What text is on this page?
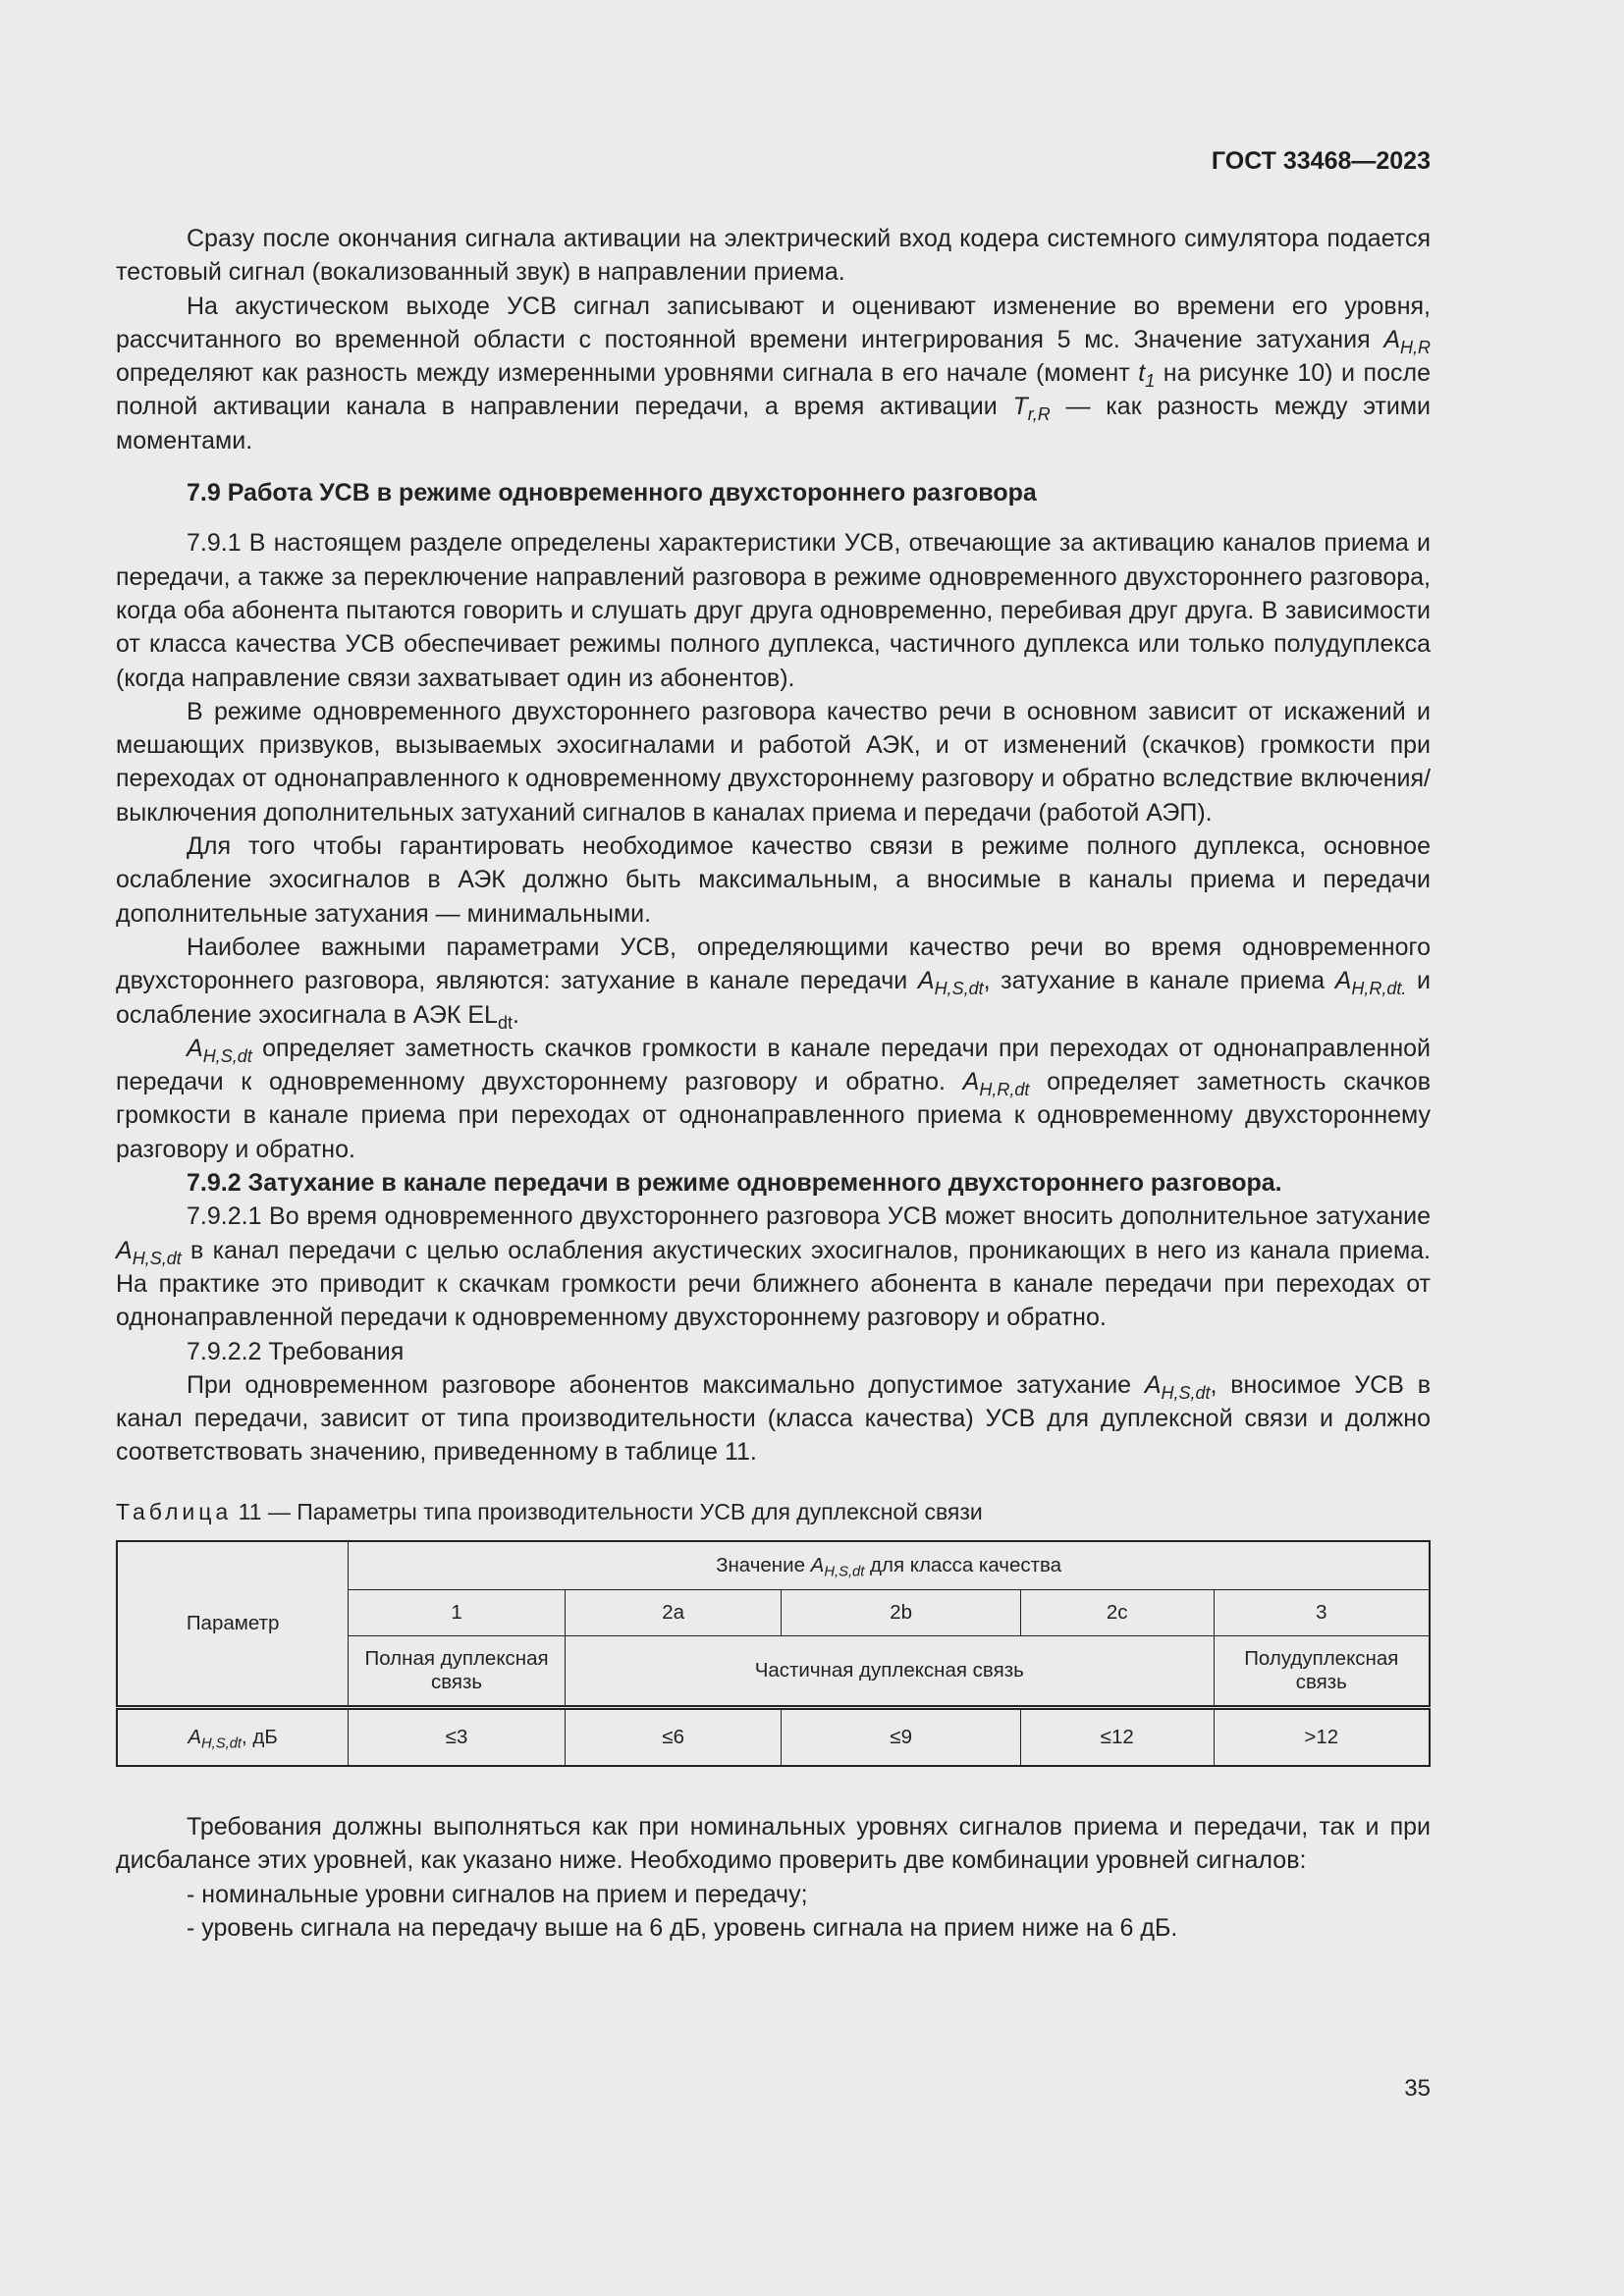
ГОСТ 33468—2023

Сразу после окончания сигнала активации на электрический вход кодера системного симулятора подается тестовый сигнал (вокализованный звук) в направлении приема.

На акустическом выходе УСВ сигнал записывают и оценивают изменение во времени его уровня, рассчитанного во временной области с постоянной времени интегрирования 5 мс. Значение затухания $A_{H,R}$ определяют как разность между измеренными уровнями сигнала в его начале (момент $t_1$ на рисунке 10) и после полной активации канала в направлении передачи, а время активации $T_{r,R}$ — как разность между этими моментами.

7.9 Работа УСВ в режиме одновременного двухстороннего разговора

7.9.1 В настоящем разделе определены характеристики УСВ, отвечающие за активацию каналов приема и передачи, а также за переключение направлений разговора в режиме одновременного двухстороннего разговора, когда оба абонента пытаются говорить и слушать друг друга одновременно, перебивая друг друга. В зависимости от класса качества УСВ обеспечивает режимы полного дуплекса, частичного дуплекса или только полудуплекса (когда направление связи захватывает один из абонентов).

В режиме одновременного двухстороннего разговора качество речи в основном зависит от искажений и мешающих призвуков, вызываемых эхосигналами и работой АЭК, и от изменений (скачков) громкости при переходах от однонаправленного к одновременному двухстороннему разговору и обратно вследствие включения/выключения дополнительных затуханий сигналов в каналах приема и передачи (работой АЭП).

Для того чтобы гарантировать необходимое качество связи в режиме полного дуплекса, основное ослабление эхосигналов в АЭК должно быть максимальным, а вносимые в каналы приема и передачи дополнительные затухания — минимальными.

Наиболее важными параметрами УСВ, определяющими качество речи во время одновременного двухстороннего разговора, являются: затухание в канале передачи $A_{H,S,dt}$, затухание в канале приема $A_{H,R,dt.}$ и ослабление эхосигнала в АЭК $EL_{dt}$.

$A_{H,S,dt}$ определяет заметность скачков громкости в канале передачи при переходах от однонаправленной передачи к одновременному двухстороннему разговору и обратно. $A_{H,R,dt}$ определяет заметность скачков громкости в канале приема при переходах от однонаправленного приема к одновременному двухстороннему разговору и обратно.

7.9.2 Затухание в канале передачи в режиме одновременного двухстороннего разговора.

7.9.2.1 Во время одновременного двухстороннего разговора УСВ может вносить дополнительное затухание $A_{H,S,dt}$ в канал передачи с целью ослабления акустических эхосигналов, проникающих в него из канала приема. На практике это приводит к скачкам громкости речи ближнего абонента в канале передачи при переходах от однонаправленной передачи к одновременному двухстороннему разговору и обратно.

7.9.2.2 Требования

При одновременном разговоре абонентов максимально допустимое затухание $A_{H,S,dt}$, вносимое УСВ в канал передачи, зависит от типа производительности (класса качества) УСВ для дуплексной связи и должно соответствовать значению, приведенному в таблице 11.

Таблица 11 — Параметры типа производительности УСВ для дуплексной связи

Параметр	Значение $A_{H,S,dt}$ для класса качества				
	1	2a	2b	2c	3
	Полная дуплексная связь	Частичная дуплексная связь			Полудуплексная связь
$A_{H,S,dt}$, дБ	≤3	≤6	≤9	≤12	>12

Требования должны выполняться как при номинальных уровнях сигналов приема и передачи, так и при дисбалансе этих уровней, как указано ниже. Необходимо проверить две комбинации уровней сигналов:

- номинальные уровни сигналов на прием и передачу;

- уровень сигнала на передачу выше на 6 дБ, уровень сигнала на прием ниже на 6 дБ.

35
